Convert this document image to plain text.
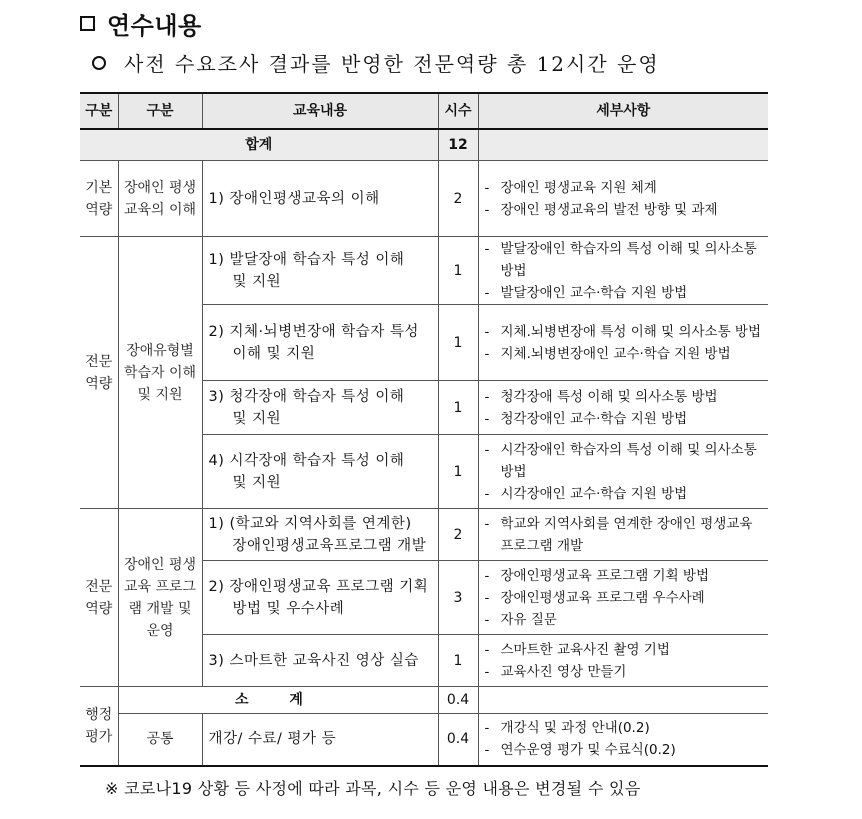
연수내용
사전 수요조사 결과를 반영한 전문역량 총 12시간 운영
구분	구분	교육내용	시수	세부사항
합계			12	
기본 역량	장애인 평생교육의 이해	1) 장애인평생교육의 이해	2	- 장애인 평생교육 지원 체계
- 장애인 평생교육의 발전 방향 및 과제

전문 역량	장애유형별 학습자 이해 및 지원	1) 발달장애 학습자 특성 이해
및 지원	1	- 발달장애인 학습자의 특성 이해 및 의사소통
방법
- 발달장애인 교수·학습 지원 방법

		2) 지체·뇌병변장애 학습자 특성
이해 및 지원	1	- 지체.뇌병변장애 특성 이해 및 의사소통 방법
- 지체.뇌병변장애인 교수·학습 지원 방법

		3) 청각장애 학습자 특성 이해
및 지원	1	- 청각장애 특성 이해 및 의사소통 방법
- 청각장애인 교수·학습 지원 방법

		4) 시각장애 학습자 특성 이해
및 지원	1	- 시각장애인 학습자의 특성 이해 및 의사소통
방법
- 시각장애인 교수·학습 지원 방법

전문 역량	장애인 평생교육 프로그램 개발 및 운영	1) (학교와 지역사회를 연계한)
장애인평생교육프로그램 개발	2	- 학교와 지역사회를 연계한 장애인 평생교육
프로그램 개발

		2) 장애인평생교육 프로그램 기획
방법 및 우수사례	3	- 장애인평생교육 프로그램 기획 방법
- 장애인평생교육 프로그램 우수사례
- 자유 질문

		3) 스마트한 교육사진 영상 실습	1	- 스마트한 교육사진 촬영 기법
- 교육사진 영상 만들기

행정 평가	소 계		0.4	
	공통	개강/ 수료/ 평가 등	0.4	- 개강식 및 과정 안내(0.2)
- 연수운영 평가 및 수료식(0.2)
※ 코로나19 상황 등 사정에 따라 과목, 시수 등 운영 내용은 변경될 수 있음
